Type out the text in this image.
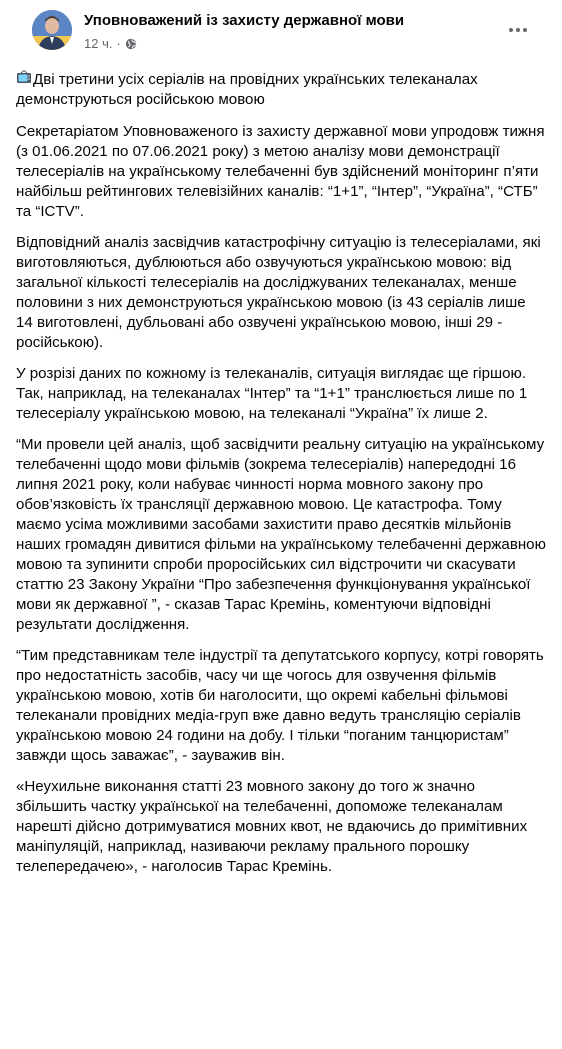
Уповноважений із захисту державної мови
12 ч. ·

Дві третини усіх серіалів на провідних українських телеканалах демонструються російською мовою

Секретаріатом Уповноваженого із захисту державної мови упродовж тижня (з 01.06.2021 по 07.06.2021 року) з метою аналізу мови демонстрації телесеріалів на українському телебаченні був здійснений моніторинг п’яти найбільш рейтингових телевізійних каналів: “1+1”, “Інтер”, “Україна”, “СТБ” та “ICTV”.

Відповідний аналіз засвідчив катастрофічну ситуацію із телесеріалами, які виготовляються, дублюються або озвучуються українською мовою: від загальної кількості телесеріалів на досліджуваних телеканалах, менше половини з них демонструються українською мовою (із 43 серіалів лише 14 виготовлені, дубльовані або озвучені українською мовою, інші 29 - російською).

У розрізі даних по кожному із телеканалів, ситуація виглядає ще гіршою. Так, наприклад, на телеканалах “Інтер” та “1+1” транслюється лише по 1 телесеріалу українською мовою, на телеканалі “Україна” їх лише 2.

“Ми провели цей аналіз, щоб засвідчити реальну ситуацію на українському телебаченні щодо мови фільмів (зокрема телесеріалів) напередодні 16 липня 2021 року, коли набуває чинності норма мовного закону про обов’язковість їх трансляції державною мовою. Це катастрофа. Тому маємо усіма можливими засобами захистити право десятків мільйонів наших громадян дивитися фільми на українському телебаченні державною мовою та зупинити спроби проросійських сил відстрочити чи скасувати статтю 23 Закону України “Про забезпечення функціонування української мови як державної ”, - сказав Тарас Кремінь, коментуючи відповідні результати дослідження.

“Тим представникам теле індустрії та депутатського корпусу, котрі говорять про недостатність засобів, часу чи ще чогось для озвучення фільмів українською мовою, хотів би наголосити, що окремі кабельні фільмові телеканали провідних медіа-груп вже давно ведуть трансляцію серіалів українською мовою 24 години на добу. І тільки “поганим танцюристам” завжди щось заважає”, - зауважив він.

«Неухильне виконання статті 23 мовного закону до того ж значно збільшить частку української на телебаченні, допоможе телеканалам нарешті дійсно дотримуватися мовних квот, не вдаючись до примітивних маніпуляцій, наприклад, називаючи рекламу прального порошку телепередачею», - наголосив Тарас Кремінь.
